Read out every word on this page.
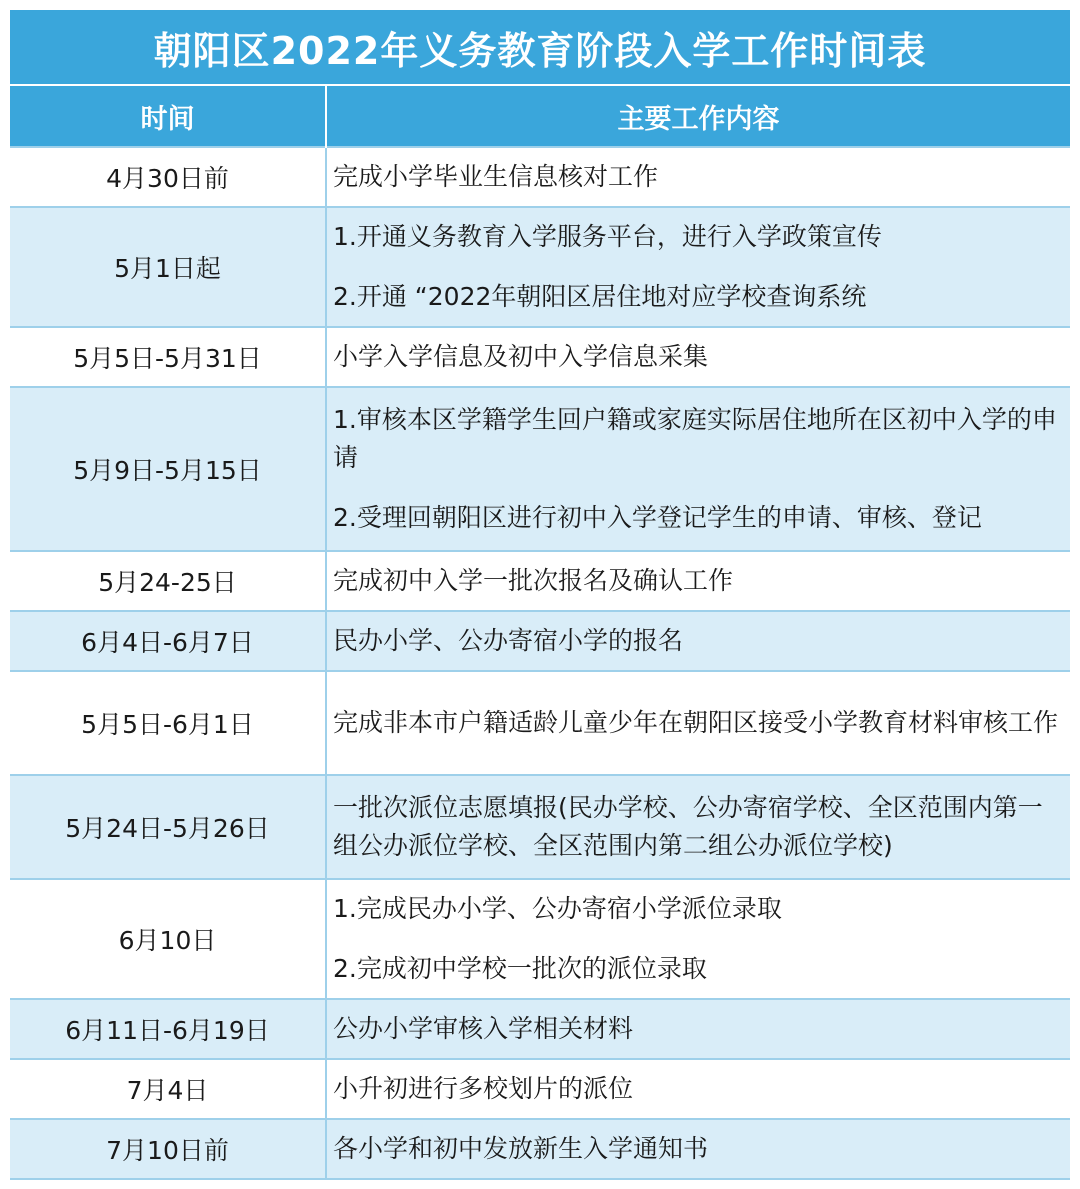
朝阳区2022年义务教育阶段入学工作时间表
时间	主要工作内容
4月30日前	完成小学毕业生信息核对工作

5月1日起	1.开通义务教育入学服务平台，进行入学政策宣传
2.开通 “2022年朝阳区居住地对应学校查询系统

5月5日-5月31日	小学入学信息及初中入学信息采集

5月9日-5月15日	1.审核本区学籍学生回户籍或家庭实际居住地所在区初中入学的申请
2.受理回朝阳区进行初中入学登记学生的申请、审核、登记

5月24-25日	完成初中入学一批次报名及确认工作

6月4日-6月7日	民办小学、公办寄宿小学的报名

5月5日-6月1日	完成非本市户籍适龄儿童少年在朝阳区接受小学教育材料审核工作

5月24日-5月26日	一批次派位志愿填报(民办学校、公办寄宿学校、全区范围内第一组公办派位学校、全区范围内第二组公办派位学校)

6月10日	1.完成民办小学、公办寄宿小学派位录取
2.完成初中学校一批次的派位录取

6月11日-6月19日	公办小学审核入学相关材料

7月4日	小升初进行多校划片的派位

7月10日前	各小学和初中发放新生入学通知书
